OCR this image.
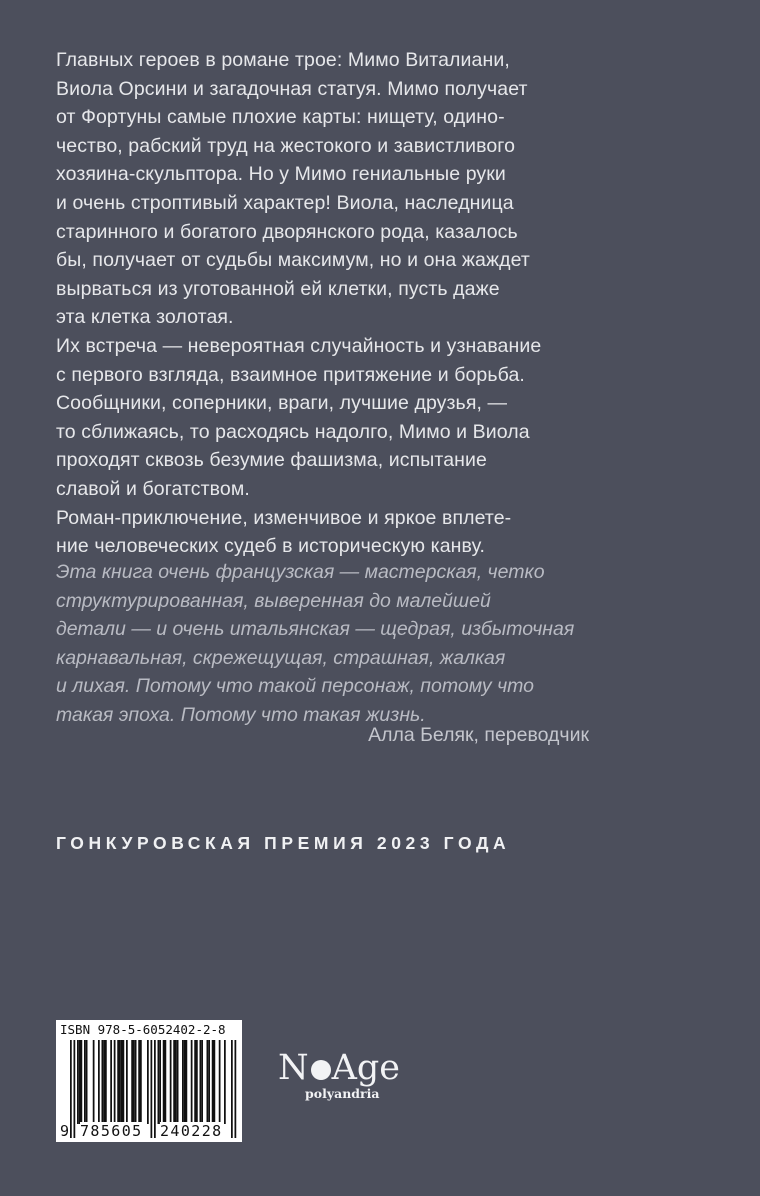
Главных героев в романе трое: Мимо Виталиани,
Виола Орсини и загадочная статуя. Мимо получает
от Фортуны самые плохие карты: нищету, одино-
чество, рабский труд на жестокого и завистливого
хозяина-скульптора. Но у Мимо гениальные руки
и очень строптивый характер! Виола, наследница
старинного и богатого дворянского рода, казалось
бы, получает от судьбы максимум, но и она жаждет
вырваться из уготованной ей клетки, пусть даже
эта клетка золотая.
Их встреча — невероятная случайность и узнавание
с первого взгляда, взаимное притяжение и борьба.
Сообщники, соперники, враги, лучшие друзья, —
то сближаясь, то расходясь надолго, Мимо и Виола
проходят сквозь безумие фашизма, испытание
славой и богатством.
Роман-приключение, изменчивое и яркое вплете-
ние человеческих судеб в историческую канву.
Эта книга очень французская — мастерская, четко
структурированная, выверенная до малейшей
детали — и очень итальянская — щедрая, избыточная
карнавальная, скрежещущая, страшная, жалкая
и лихая. Потому что такой персонаж, потому что
такая эпоха. Потому что такая жизнь.
Алла Беляк, переводчик
ГОНКУРОВСКАЯ ПРЕМИЯ 2023 ГОДА
ISBN 978-5-6052402-2-8
9 785605 240228
N Age
polyandria
